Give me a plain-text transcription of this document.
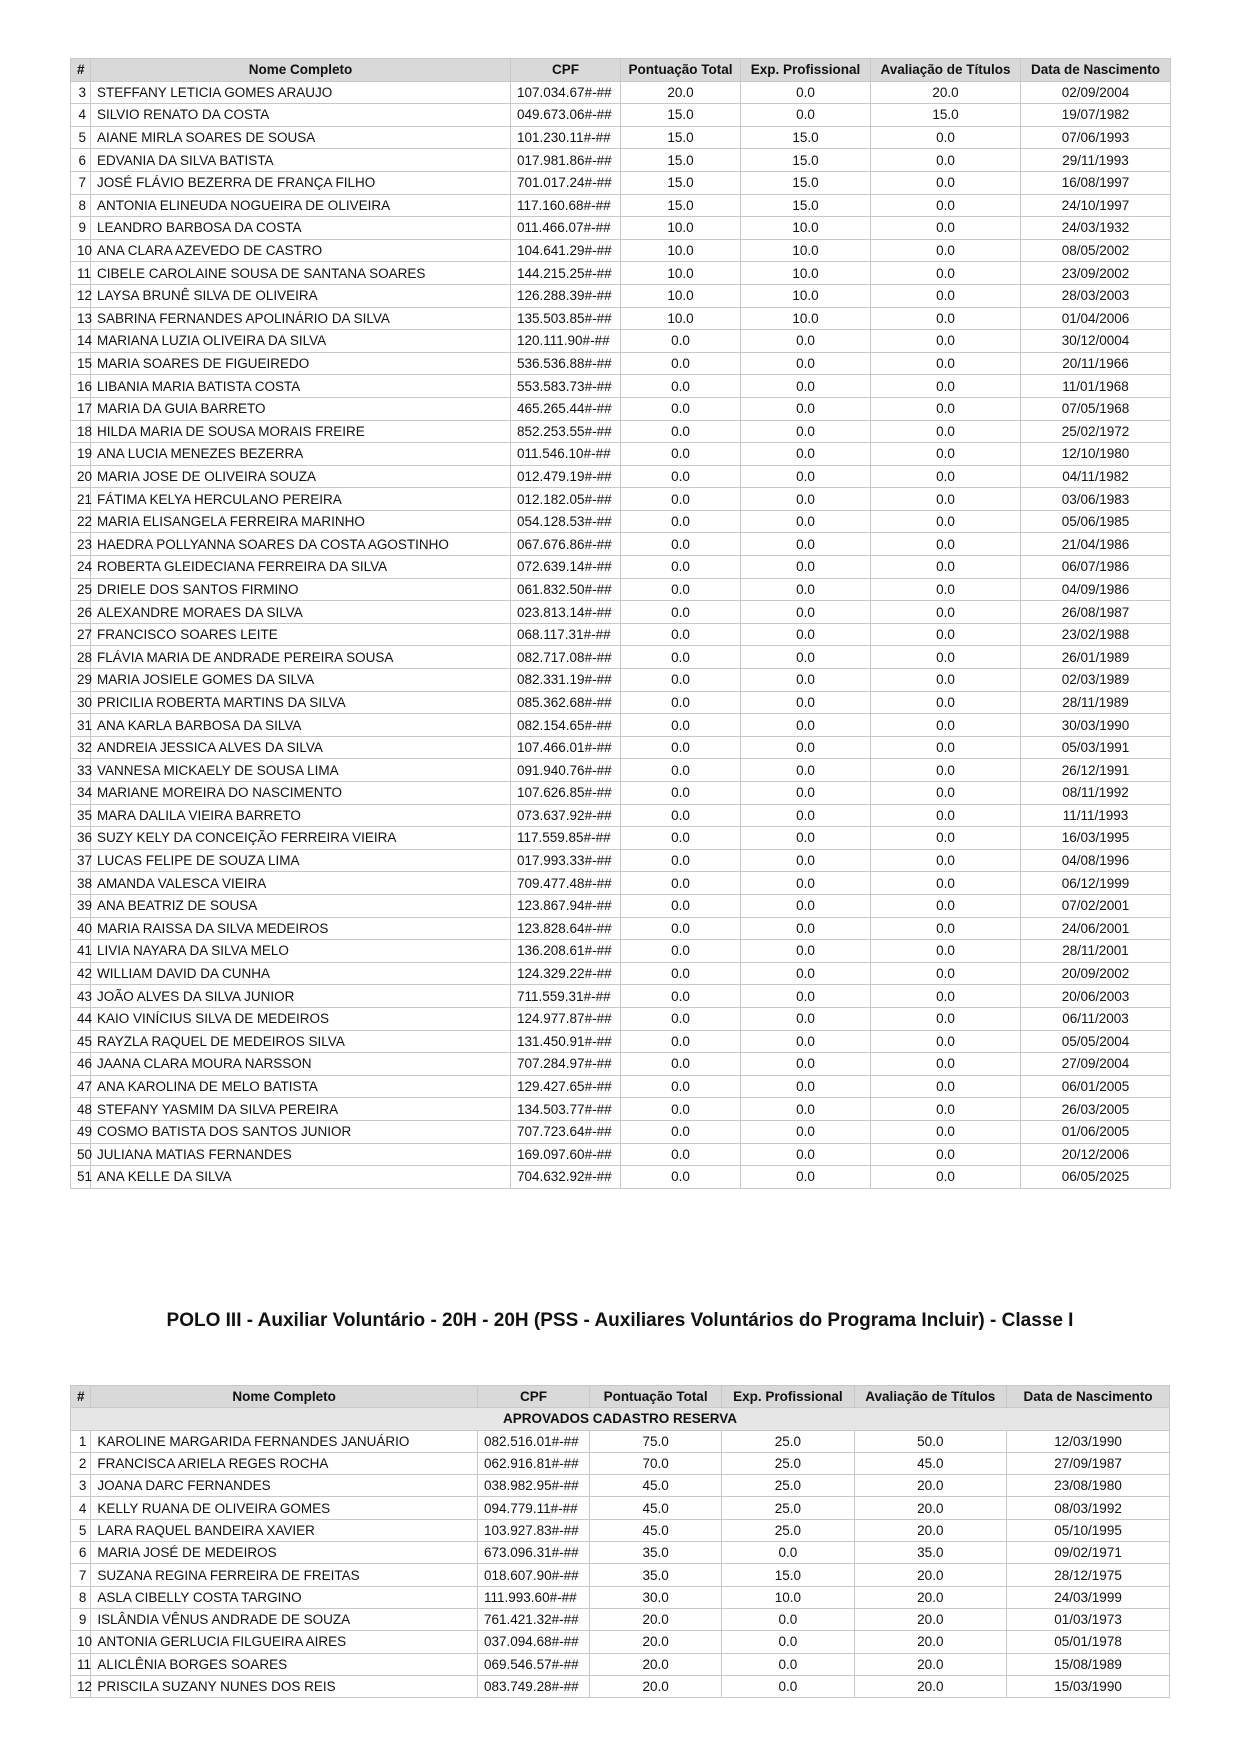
#	Nome Completo	CPF	Pontuação Total	Exp. Profissional	Avaliação de Títulos	Data de Nascimento
3	STEFFANY LETICIA GOMES ARAUJO	107.034.67#-##	20.0	0.0	20.0	02/09/2004
4	SILVIO RENATO DA COSTA	049.673.06#-##	15.0	0.0	15.0	19/07/1982
5	AIANE MIRLA SOARES DE SOUSA	101.230.11#-##	15.0	15.0	0.0	07/06/1993
6	EDVANIA DA SILVA BATISTA	017.981.86#-##	15.0	15.0	0.0	29/11/1993
7	JOSÉ FLÁVIO BEZERRA DE FRANÇA FILHO	701.017.24#-##	15.0	15.0	0.0	16/08/1997
8	ANTONIA ELINEUDA NOGUEIRA DE OLIVEIRA	117.160.68#-##	15.0	15.0	0.0	24/10/1997
9	LEANDRO BARBOSA DA COSTA	011.466.07#-##	10.0	10.0	0.0	24/03/1932
10	ANA CLARA AZEVEDO DE CASTRO	104.641.29#-##	10.0	10.0	0.0	08/05/2002
11	CIBELE CAROLAINE SOUSA DE SANTANA SOARES	144.215.25#-##	10.0	10.0	0.0	23/09/2002
12	LAYSA BRUNÊ SILVA DE OLIVEIRA	126.288.39#-##	10.0	10.0	0.0	28/03/2003
13	SABRINA FERNANDES APOLINÁRIO DA SILVA	135.503.85#-##	10.0	10.0	0.0	01/04/2006
14	MARIANA LUZIA OLIVEIRA DA SILVA	120.111.90#-##	0.0	0.0	0.0	30/12/0004
15	MARIA SOARES DE FIGUEIREDO	536.536.88#-##	0.0	0.0	0.0	20/11/1966
16	LIBANIA MARIA BATISTA COSTA	553.583.73#-##	0.0	0.0	0.0	11/01/1968
17	MARIA DA GUIA BARRETO	465.265.44#-##	0.0	0.0	0.0	07/05/1968
18	HILDA MARIA DE SOUSA MORAIS FREIRE	852.253.55#-##	0.0	0.0	0.0	25/02/1972
19	ANA LUCIA MENEZES BEZERRA	011.546.10#-##	0.0	0.0	0.0	12/10/1980
20	MARIA JOSE DE OLIVEIRA SOUZA	012.479.19#-##	0.0	0.0	0.0	04/11/1982
21	FÁTIMA KELYA HERCULANO PEREIRA	012.182.05#-##	0.0	0.0	0.0	03/06/1983
22	MARIA ELISANGELA FERREIRA MARINHO	054.128.53#-##	0.0	0.0	0.0	05/06/1985
23	HAEDRA POLLYANNA SOARES DA COSTA AGOSTINHO	067.676.86#-##	0.0	0.0	0.0	21/04/1986
24	ROBERTA GLEIDECIANA FERREIRA DA SILVA	072.639.14#-##	0.0	0.0	0.0	06/07/1986
25	DRIELE DOS SANTOS FIRMINO	061.832.50#-##	0.0	0.0	0.0	04/09/1986
26	ALEXANDRE MORAES DA SILVA	023.813.14#-##	0.0	0.0	0.0	26/08/1987
27	FRANCISCO SOARES LEITE	068.117.31#-##	0.0	0.0	0.0	23/02/1988
28	FLÁVIA MARIA DE ANDRADE PEREIRA SOUSA	082.717.08#-##	0.0	0.0	0.0	26/01/1989
29	MARIA JOSIELE GOMES DA SILVA	082.331.19#-##	0.0	0.0	0.0	02/03/1989
30	PRICILIA ROBERTA MARTINS DA SILVA	085.362.68#-##	0.0	0.0	0.0	28/11/1989
31	ANA KARLA BARBOSA DA SILVA	082.154.65#-##	0.0	0.0	0.0	30/03/1990
32	ANDREIA JESSICA ALVES DA SILVA	107.466.01#-##	0.0	0.0	0.0	05/03/1991
33	VANNESA MICKAELY DE SOUSA LIMA	091.940.76#-##	0.0	0.0	0.0	26/12/1991
34	MARIANE MOREIRA DO NASCIMENTO	107.626.85#-##	0.0	0.0	0.0	08/11/1992
35	MARA DALILA VIEIRA BARRETO	073.637.92#-##	0.0	0.0	0.0	11/11/1993
36	SUZY KELY DA CONCEIÇÃO FERREIRA VIEIRA	117.559.85#-##	0.0	0.0	0.0	16/03/1995
37	LUCAS FELIPE DE SOUZA LIMA	017.993.33#-##	0.0	0.0	0.0	04/08/1996
38	AMANDA VALESCA VIEIRA	709.477.48#-##	0.0	0.0	0.0	06/12/1999
39	ANA BEATRIZ DE SOUSA	123.867.94#-##	0.0	0.0	0.0	07/02/2001
40	MARIA RAISSA DA SILVA MEDEIROS	123.828.64#-##	0.0	0.0	0.0	24/06/2001
41	LIVIA NAYARA DA SILVA MELO	136.208.61#-##	0.0	0.0	0.0	28/11/2001
42	WILLIAM DAVID DA CUNHA	124.329.22#-##	0.0	0.0	0.0	20/09/2002
43	JOÃO ALVES DA SILVA JUNIOR	711.559.31#-##	0.0	0.0	0.0	20/06/2003
44	KAIO VINÍCIUS SILVA DE MEDEIROS	124.977.87#-##	0.0	0.0	0.0	06/11/2003
45	RAYZLA RAQUEL DE MEDEIROS SILVA	131.450.91#-##	0.0	0.0	0.0	05/05/2004
46	JAANA CLARA MOURA NARSSON	707.284.97#-##	0.0	0.0	0.0	27/09/2004
47	ANA KAROLINA DE MELO BATISTA	129.427.65#-##	0.0	0.0	0.0	06/01/2005
48	STEFANY YASMIM DA SILVA PEREIRA	134.503.77#-##	0.0	0.0	0.0	26/03/2005
49	COSMO BATISTA DOS SANTOS JUNIOR	707.723.64#-##	0.0	0.0	0.0	01/06/2005
50	JULIANA MATIAS FERNANDES	169.097.60#-##	0.0	0.0	0.0	20/12/2006
51	ANA KELLE DA SILVA	704.632.92#-##	0.0	0.0	0.0	06/05/2025
POLO III - Auxiliar Voluntário - 20H - 20H (PSS - Auxiliares Voluntários do Programa Incluir) - Classe I
#	Nome Completo	CPF	Pontuação Total	Exp. Profissional	Avaliação de Títulos	Data de Nascimento
APROVADOS CADASTRO RESERVA						
1	KAROLINE MARGARIDA FERNANDES JANUÁRIO	082.516.01#-##	75.0	25.0	50.0	12/03/1990
2	FRANCISCA ARIELA REGES ROCHA	062.916.81#-##	70.0	25.0	45.0	27/09/1987
3	JOANA DARC FERNANDES	038.982.95#-##	45.0	25.0	20.0	23/08/1980
4	KELLY RUANA DE OLIVEIRA GOMES	094.779.11#-##	45.0	25.0	20.0	08/03/1992
5	LARA RAQUEL BANDEIRA XAVIER	103.927.83#-##	45.0	25.0	20.0	05/10/1995
6	MARIA JOSÉ DE MEDEIROS	673.096.31#-##	35.0	0.0	35.0	09/02/1971
7	SUZANA REGINA FERREIRA DE FREITAS	018.607.90#-##	35.0	15.0	20.0	28/12/1975
8	ASLA CIBELLY COSTA TARGINO	111.993.60#-##	30.0	10.0	20.0	24/03/1999
9	ISLÂNDIA VÊNUS ANDRADE DE SOUZA	761.421.32#-##	20.0	0.0	20.0	01/03/1973
10	ANTONIA GERLUCIA FILGUEIRA AIRES	037.094.68#-##	20.0	0.0	20.0	05/01/1978
11	ALICLÊNIA BORGES SOARES	069.546.57#-##	20.0	0.0	20.0	15/08/1989
12	PRISCILA SUZANY NUNES DOS REIS	083.749.28#-##	20.0	0.0	20.0	15/03/1990
